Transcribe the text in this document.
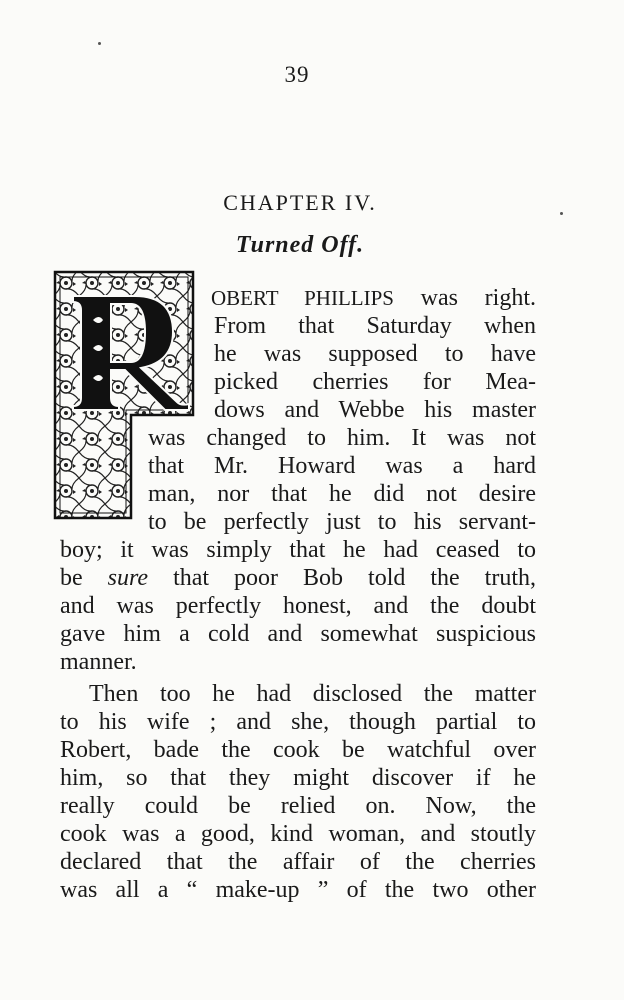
39
CHAPTER IV.
Turned Off.
OBERT PHILLIPS was right.
From that Saturday when
he was supposed to have
picked cherries for Mea-
dows and Webbe his master
was changed to him. It was not
that Mr. Howard was a hard
man, nor that he did not desire
to be perfectly just to his servant-
boy; it was simply that he had ceased to
be sure that poor Bob told the truth,
and was perfectly honest, and the doubt
gave him a cold and somewhat suspicious
manner.
Then too he had disclosed the matter
to his wife ; and she, though partial to
Robert, bade the cook be watchful over
him, so that they might discover if he
really could be relied on. Now, the
cook was a good, kind woman, and stoutly
declared that the affair of the cherries
was all a “ make-up ” of the two other
